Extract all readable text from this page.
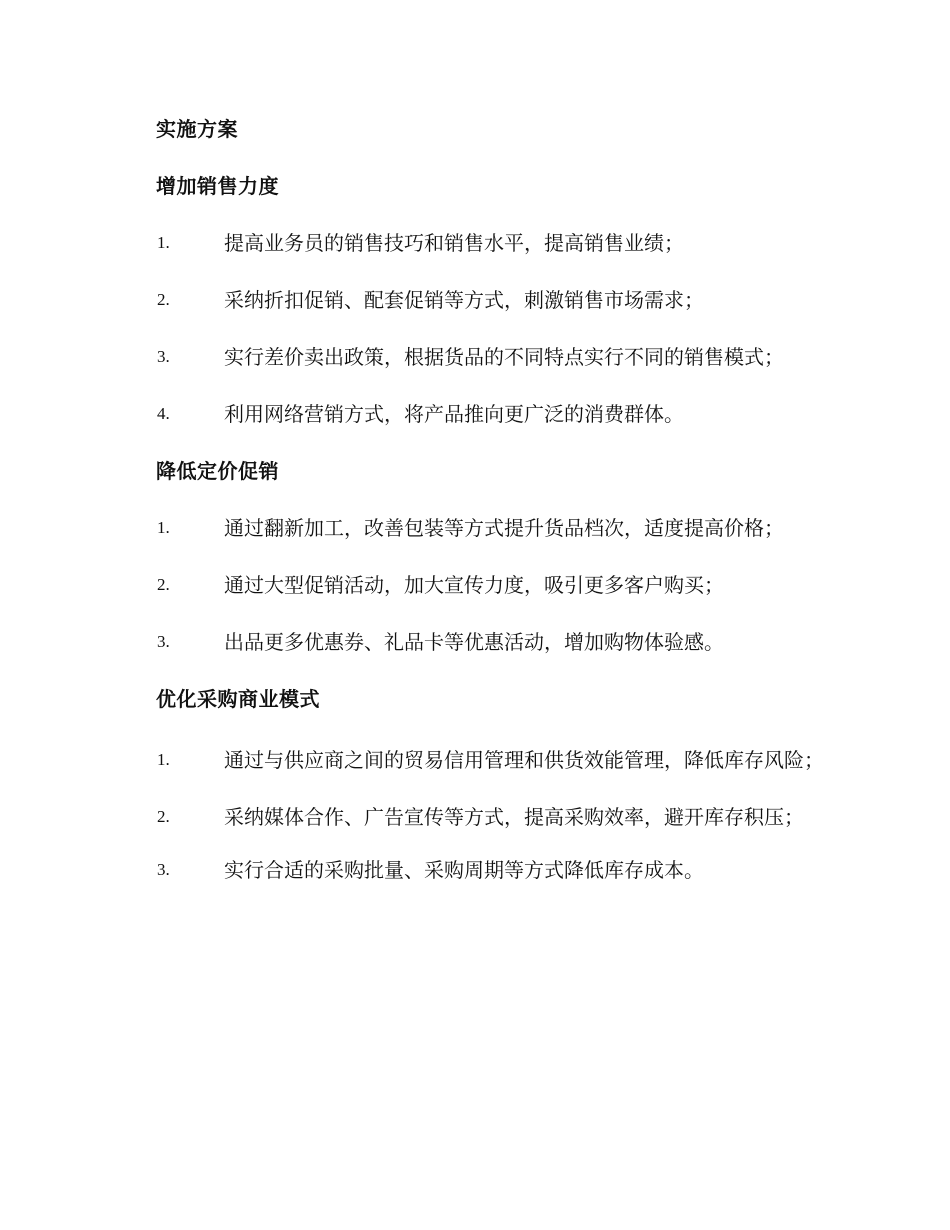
实施方案
增加销售力度
1.	提高业务员的销售技巧和销售水平，提高销售业绩；
2.	采纳折扣促销、配套促销等方式，刺激销售市场需求；
3.	实行差价卖出政策，根据货品的不同特点实行不同的销售模式；
4.	利用网络营销方式，将产品推向更广泛的消费群体。
降低定价促销
1.	通过翻新加工，改善包装等方式提升货品档次，适度提高价格；
2.	通过大型促销活动，加大宣传力度，吸引更多客户购买；
3.	出品更多优惠券、礼品卡等优惠活动，增加购物体验感。
优化采购商业模式
1.	通过与供应商之间的贸易信用管理和供货效能管理，降低库存风险；
2.	采纳媒体合作、广告宣传等方式，提高采购效率，避开库存积压；
3.	实行合适的采购批量、采购周期等方式降低库存成本。
